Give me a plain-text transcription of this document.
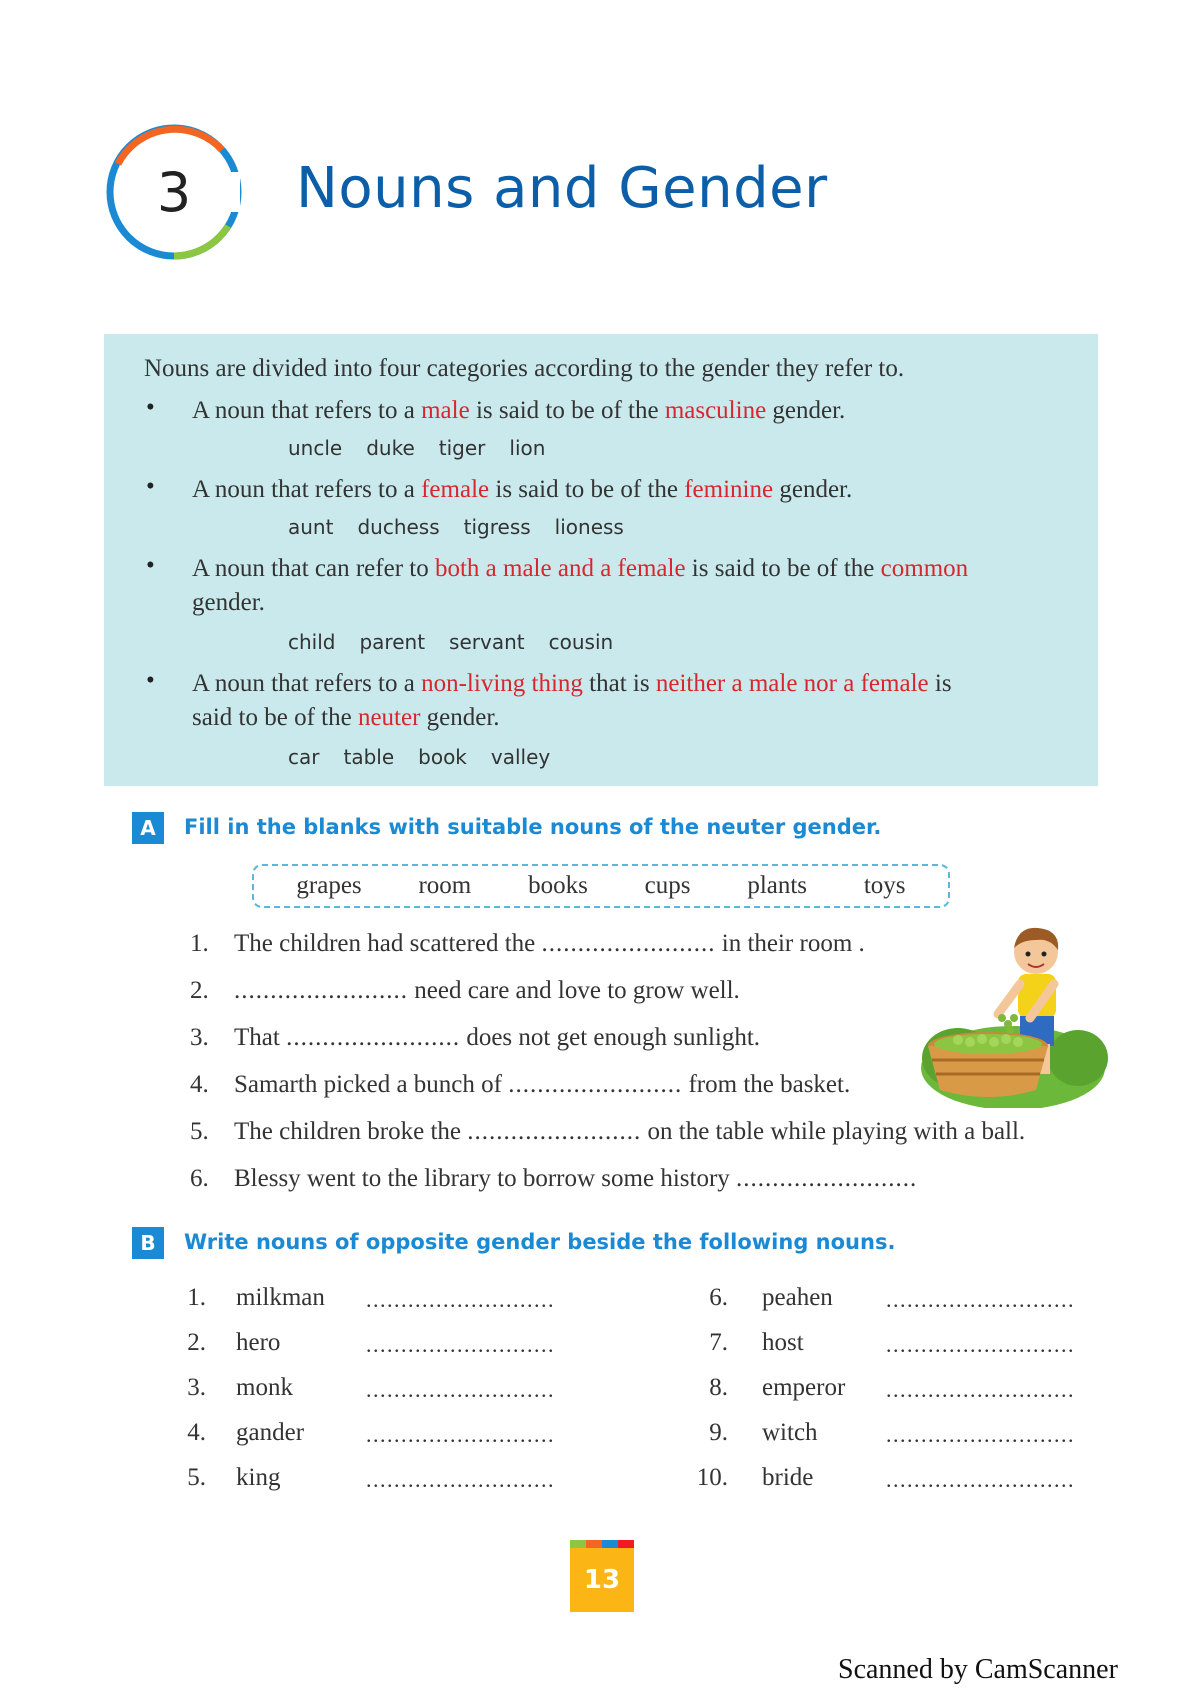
3	Nouns and Gender
Nouns are divided into four categories according to the gender they refer to.
• A noun that refers to a male is said to be of the masculine gender.
uncle duke tiger lion
• A noun that refers to a female is said to be of the feminine gender.
aunt duchess tigress lioness
• A noun that can refer to both a male and a female is said to be of the common
gender.
child parent servant cousin
• A noun that refers to a non-living thing that is neither a male nor a female is
said to be of the neuter gender.
car table book valley
A	Fill in the blanks with suitable nouns of the neuter gender.
grapes room books cups plants toys
1. The children had scattered the ........................ in their room .
2. ........................ need care and love to grow well.
3. That ........................ does not get enough sunlight.
4. Samarth picked a bunch of ........................ from the basket.
5. The children broke the ........................ on the table while playing with a ball.
6. Blessy went to the library to borrow some history .........................
B	Write nouns of opposite gender beside the following nouns.
1. milkman ...........................
2. hero	...........................
3. monk	...........................
4. gander	...........................
5. king	...........................
6. peahen ...........................
7. host	...........................
8. emperor ...........................
9. witch	...........................
10. bride	...........................
13
Scanned by CamScanner
